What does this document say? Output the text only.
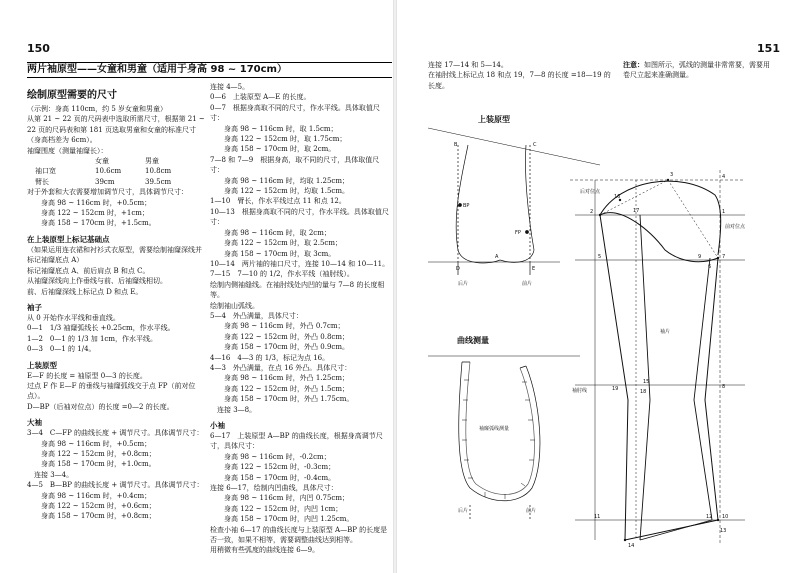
150
两片袖原型——女童和男童（适用于身高 98 ~ 170cm）

绘制原型需要的尺寸

（示例：身高 110cm，约 5 岁女童和男童）

从第 21 ~ 22 页的尺码表中选取所需尺寸，根据第 21 ~ 22 页的尺码表和第 181 页选取男童和女童的标准尺寸（身高档差为 6cm）。

袖窿围度（测量袖窿长）：

女童	男童
袖口宽	10.6cm	10.8cm
臂长	39cm	39.5cm

对于外套和大衣需要增加调节尺寸，具体调节尺寸：

身高 98 ~ 116cm 时，+0.5cm；

身高 122 ~ 152cm 时，+1cm；

身高 158 ~ 170cm 时，+1.5cm。

在上装原型上标记基础点

（如果运用连衣裙和衬衫式衣原型，需要绘制袖窿深线并标记袖窿底点 A）

标记袖窿底点 A、前后肩点 B 和点 C。

从袖窿深线向上作垂线与前、后袖窿线相切。

前、后袖窿深线上标记点 D 和点 E。

袖子

从 0 开始作水平线和垂直线。

0—1　1/3 袖窿弧线长 +0.25cm，作水平线。

1—2　0—1 的 1/3 加 1cm，作水平线。

0—3　0—1 的 1/4。

上装原型

E—F 的长度 = 袖原型 0—3 的长度。

过点 F 作 E—F 的垂线与袖窿弧线交于点 FP（前对位点）。

D—BP（后袖对位点）的长度 =0—2 的长度。

大袖

3—4　C—FP 的曲线长度 + 调节尺寸。具体调节尺寸：

身高 98 ~ 116cm 时，+0.5cm；

身高 122 ~ 152cm 时，+0.8cm；

身高 158 ~ 170cm 时，+1.0cm。

连接 3—4。

4—5　B—BP 的曲线长度 + 调节尺寸。具体调节尺寸：

身高 98 ~ 116cm 时，+0.4cm；

身高 122 ~ 152cm 时，+0.6cm；

身高 158 ~ 170cm 时，+0.8cm；

连接 4—5。

0—6　上装原型 A—E 的长度。

0—7　根据身高取不同的尺寸，作水平线。具体取值尺寸：

身高 98 ~ 116cm 时，取 1.5cm；

身高 122 ~ 152cm 时，取 1.75cm；

身高 158 ~ 170cm 时，取 2cm。

7—8 和 7—9　根据身高，取不同的尺寸，具体取值尺寸：

身高 98 ~ 116cm 时，均取 1.25cm；

身高 122 ~ 152cm 时，均取 1.5cm。

1—10　臂长，作水平线过点 11 和点 12。

10—13　根据身高取不同的尺寸，作水平线。具体取值尺寸：

身高 98 ~ 116cm 时，取 2cm；

身高 122 ~ 152cm 时，取 2.5cm；

身高 158 ~ 170cm 时，取 3cm。

10—14　两片袖的袖口尺寸，连接 10—14 和 10—11。

7—15　7—10 的 1/2，作水平线（袖肘线）。

绘制内侧袖缝线。在袖肘线处内凹的量与 7—8 的长度相等。

绘制袖山弧线。

5—4　外凸满量，具体尺寸：

身高 98 ~ 116cm 时，外凸 0.7cm；

身高 122 ~ 152cm 时，外凸 0.8cm；

身高 158 ~ 170cm 时，外凸 0.9cm。

4—16　4—3 的 1/3，标记为点 16。

4—3　外凸满量，在点 16 外凸。具体尺寸：

身高 98 ~ 116cm 时，外凸 1.25cm；

身高 122 ~ 152cm 时，外凸 1.5cm；

身高 158 ~ 170cm 时，外凸 1.75cm。

连接 3—8。

小袖

6—17　上装原型 A—BP 的曲线长度，根据身高调节尺寸，具体尺寸：

身高 98 ~ 116cm 时，-0.2cm；

身高 122 ~ 152cm 时，-0.3cm；

身高 158 ~ 170cm 时，-0.4cm。

连接 6—17，绘制内凹曲线，具体尺寸：

身高 98 ~ 116cm 时，内凹 0.75cm；

身高 122 ~ 152cm 时，内凹 1cm；

身高 158 ~ 170cm 时，内凹 1.25cm。

检查小袖 6—17 的曲线长度与上装原型 A—BP 的长度是否一致，如果不相等，需要调整曲线达到相等。

用稍微有些弧度的曲线连接 6—9。

151

连接 17—14 和 5—14。

在袖肘线上标记点 18 和点 19，7—8 的长度 =18—19 的长度。

注意：如图所示，弧线的测量非常常要，需要用卷尺立起来准确测量。
上装原型
B	C
BP
FP
D	E
A
后片	前片
曲线测量
袖窿弧线测量
后片	前片
3
16
4
1
2	17
7
6
9
5
15
19	18
8
12 10
13
14
11
后对位点
前对位点
袖片
袖肘线
